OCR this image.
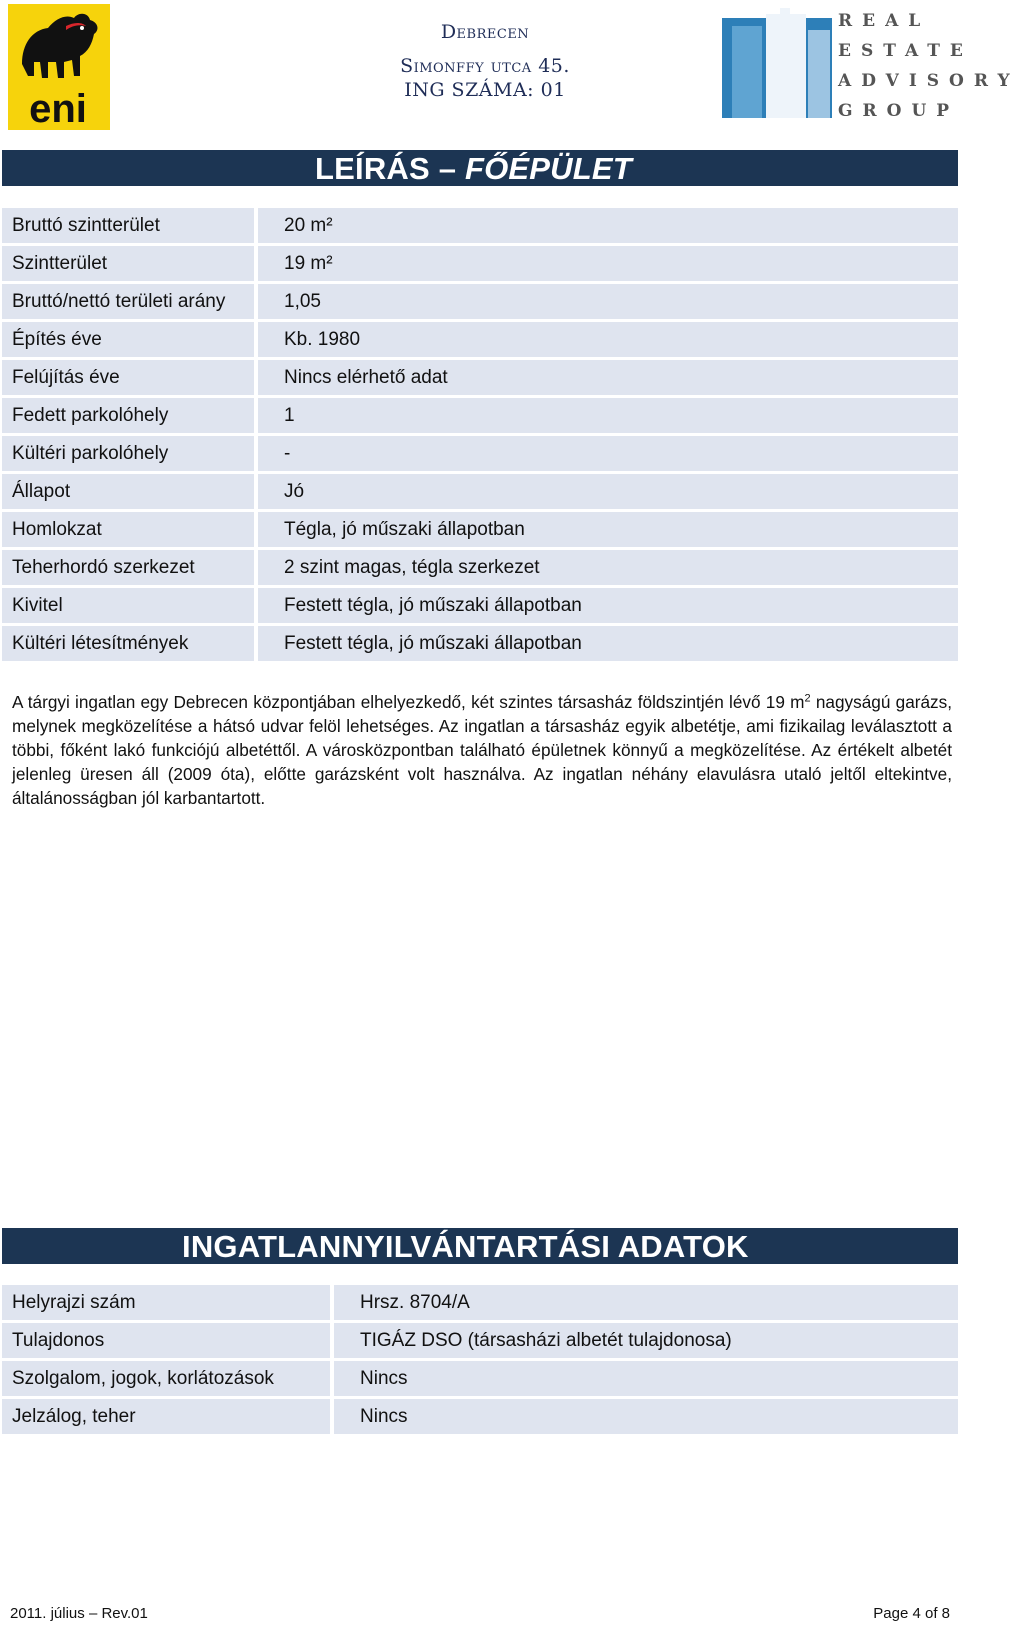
eni
Debrecen
Simonffy utca 45.
ING SZÁMA: 01
REAL
ESTATE
ADVISORY
GROUP
LEÍRÁS – FŐÉPÜLET
Bruttó szintterület	20 m²
Szintterület	19 m²
Bruttó/nettó területi arány	1,05
Építés éve	Kb. 1980
Felújítás éve	Nincs elérhető adat
Fedett parkolóhely	1
Kültéri parkolóhely	-
Állapot	Jó
Homlokzat	Tégla, jó műszaki állapotban
Teherhordó szerkezet	2 szint magas, tégla szerkezet
Kivitel	Festett tégla, jó műszaki állapotban
Kültéri létesítmények	Festett tégla, jó műszaki állapotban
A tárgyi ingatlan egy Debrecen központjában elhelyezkedő, két szintes társasház földszintjén lévő 19 $m^2$ nagyságú garázs, melynek megközelítése a hátsó udvar felöl lehetséges. Az ingatlan a társasház egyik albetétje, ami fizikailag leválasztott a többi, főként lakó funkciójú albetéttől. A városközpontban található épületnek könnyű a megközelítése. Az értékelt albetét jelenleg üresen áll (2009 óta), előtte garázsként volt használva. Az ingatlan néhány elavulásra utaló jeltől eltekintve, általánosságban jól karbantartott.
INGATLANNYILVÁNTARTÁSI ADATOK
Helyrajzi szám	Hrsz. 8704/A
Tulajdonos	TIGÁZ DSO (társasházi albetét tulajdonosa)
Szolgalom, jogok, korlátozások	Nincs
Jelzálog, teher	Nincs
2011. július – Rev.01	Page 4 of 8
